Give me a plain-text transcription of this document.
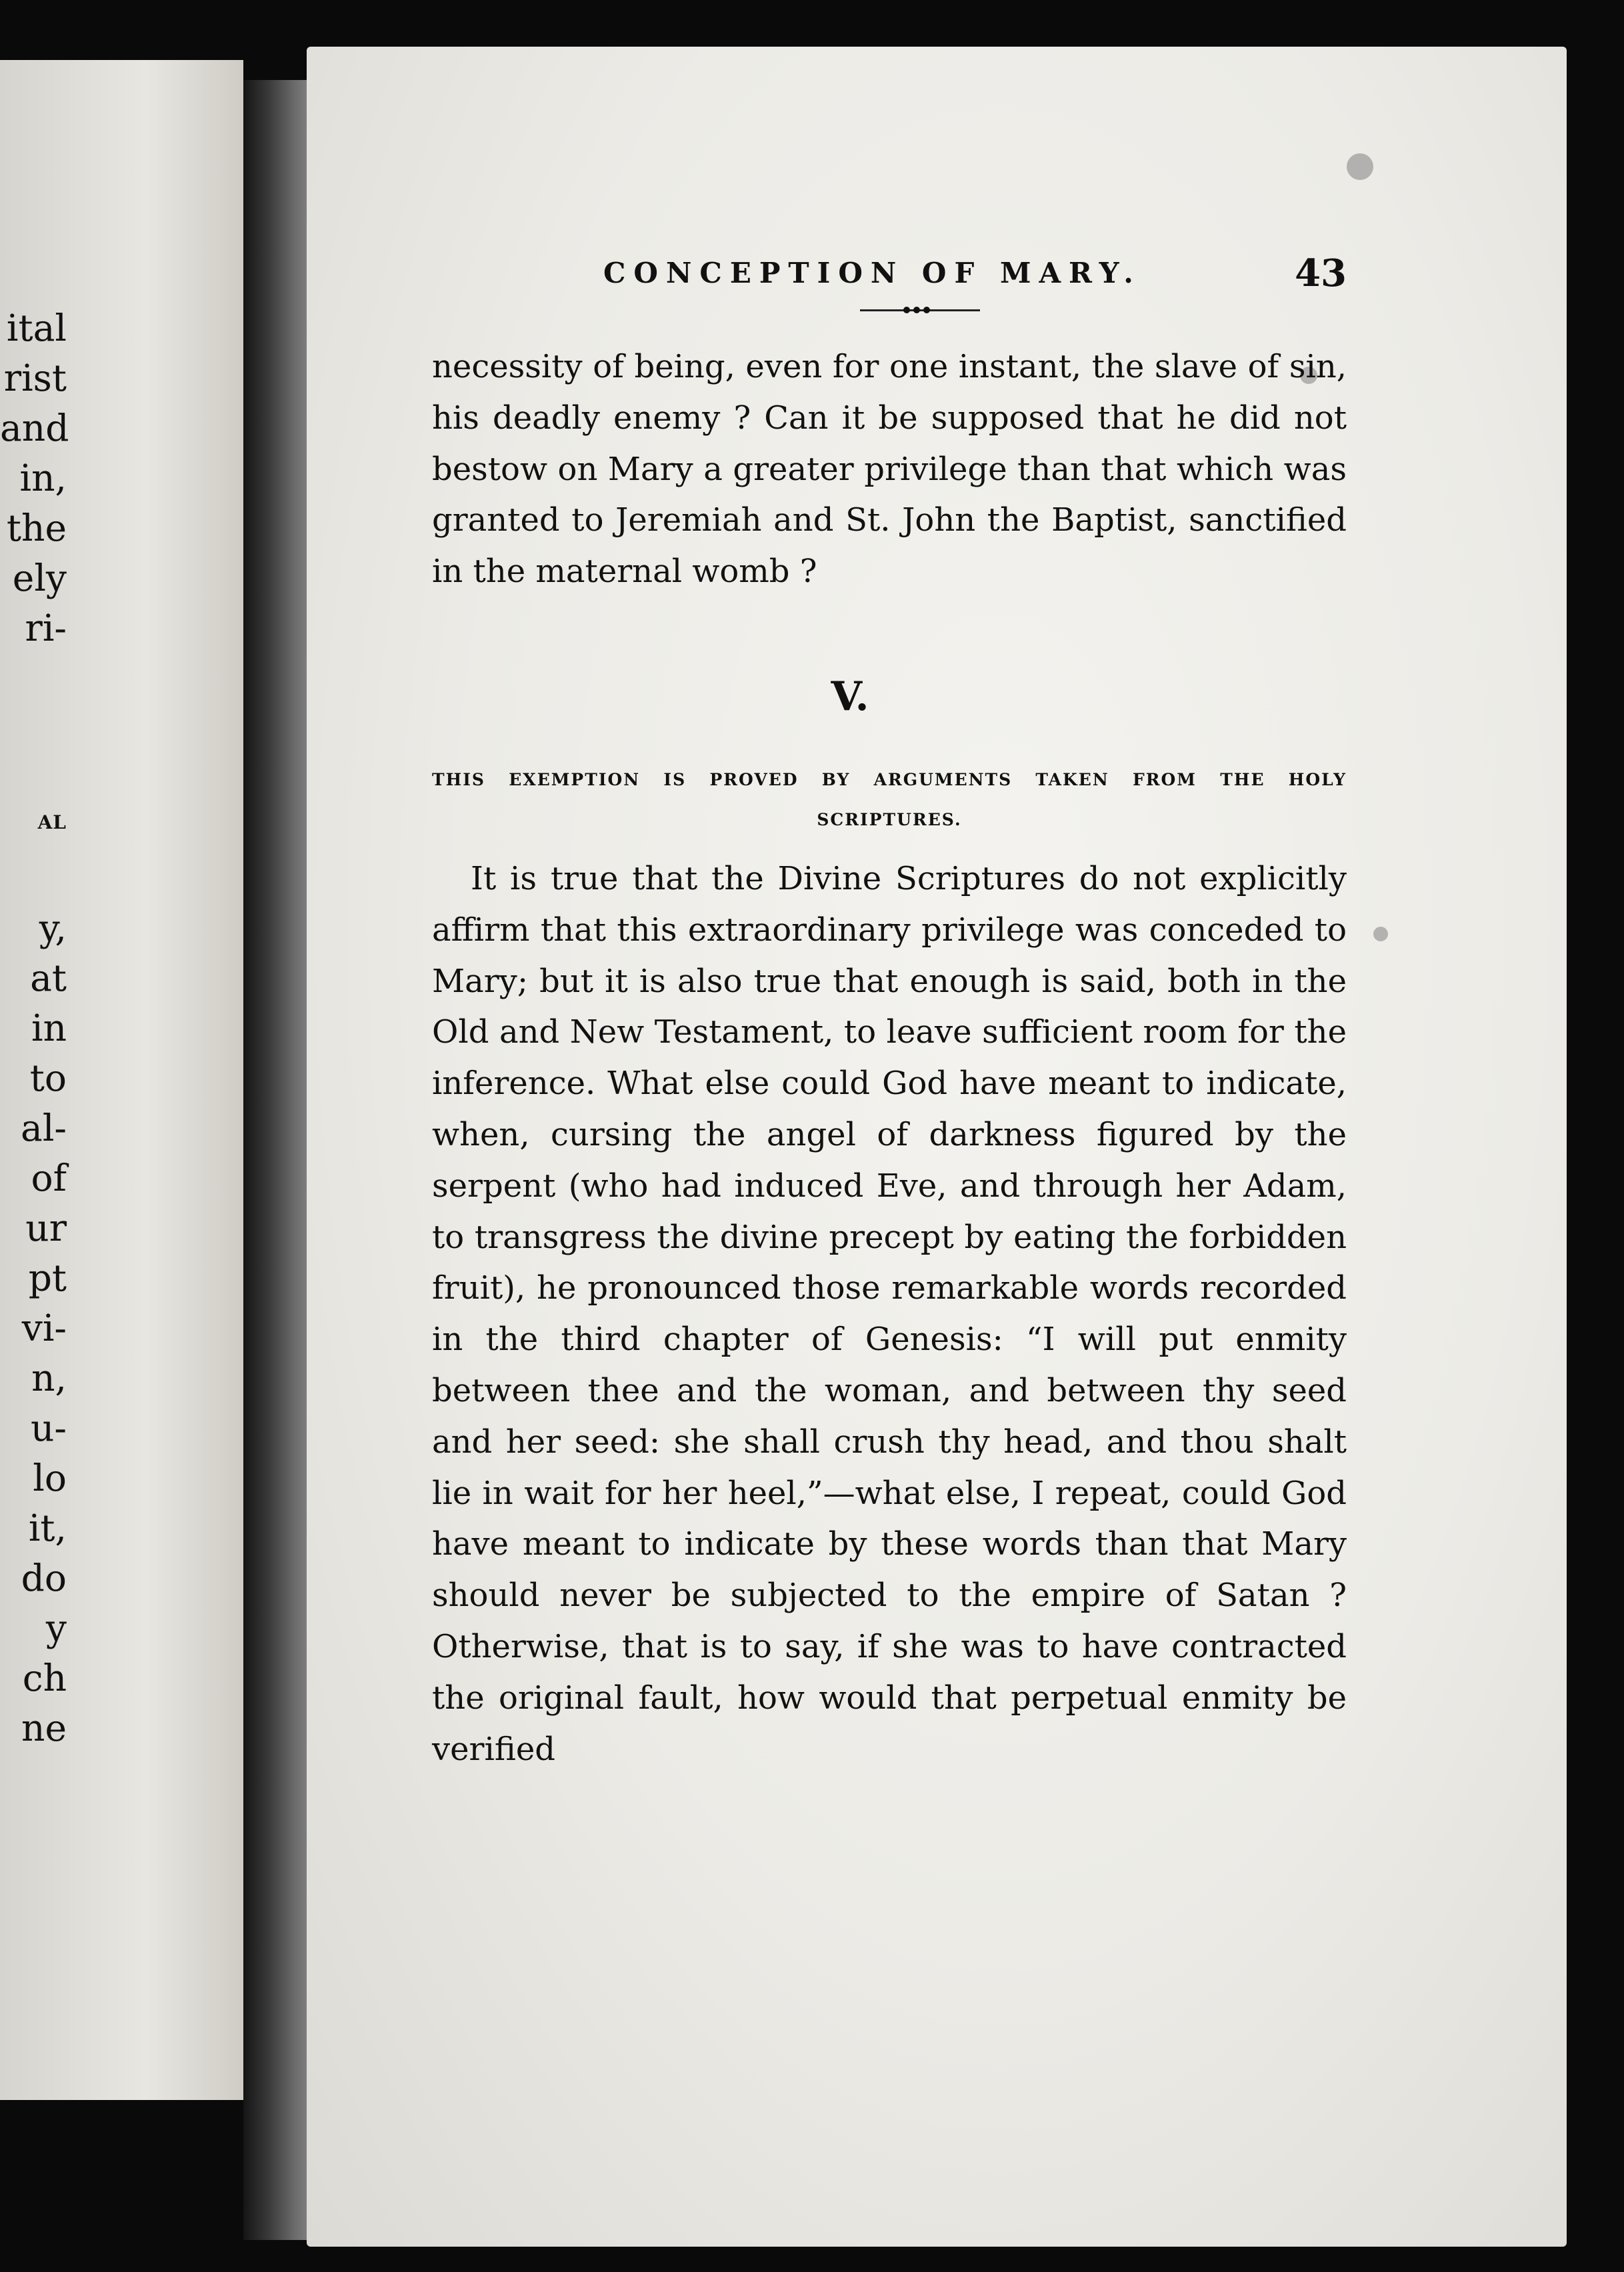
ital
rist
and
in,
the
ely
ri-
AL
y,
at
in
to
al-
of
ur
pt
vi-
n,
u-
lo
it,
do
y
ch
ne
CONCEPTION OF MARY.	43

necessity of being, even for one instant, the slave of sin, his deadly enemy ? Can it be supposed that he did not bestow on Mary a greater privilege than that which was granted to Jeremiah and St. John the Baptist, sanctified in the maternal womb ?

V.
THIS EXEMPTION IS PROVED BY ARGUMENTS TAKEN FROM THE HOLY SCRIPTURES.

It is true that the Divine Scriptures do not explicitly affirm that this extraordinary privilege was conceded to Mary; but it is also true that enough is said, both in the Old and New Testament, to leave sufficient room for the inference. What else could God have meant to indicate, when, cursing the angel of darkness figured by the serpent (who had induced Eve, and through her Adam, to transgress the divine precept by eating the forbidden fruit), he pronounced those remarkable words recorded in the third chapter of Genesis: “I will put enmity between thee and the woman, and between thy seed and her seed: she shall crush thy head, and thou shalt lie in wait for her heel,”—what else, I repeat, could God have meant to indicate by these words than that Mary should never be subjected to the empire of Satan ? Otherwise, that is to say, if she was to have contracted the original fault, how would that perpetual enmity be verified
